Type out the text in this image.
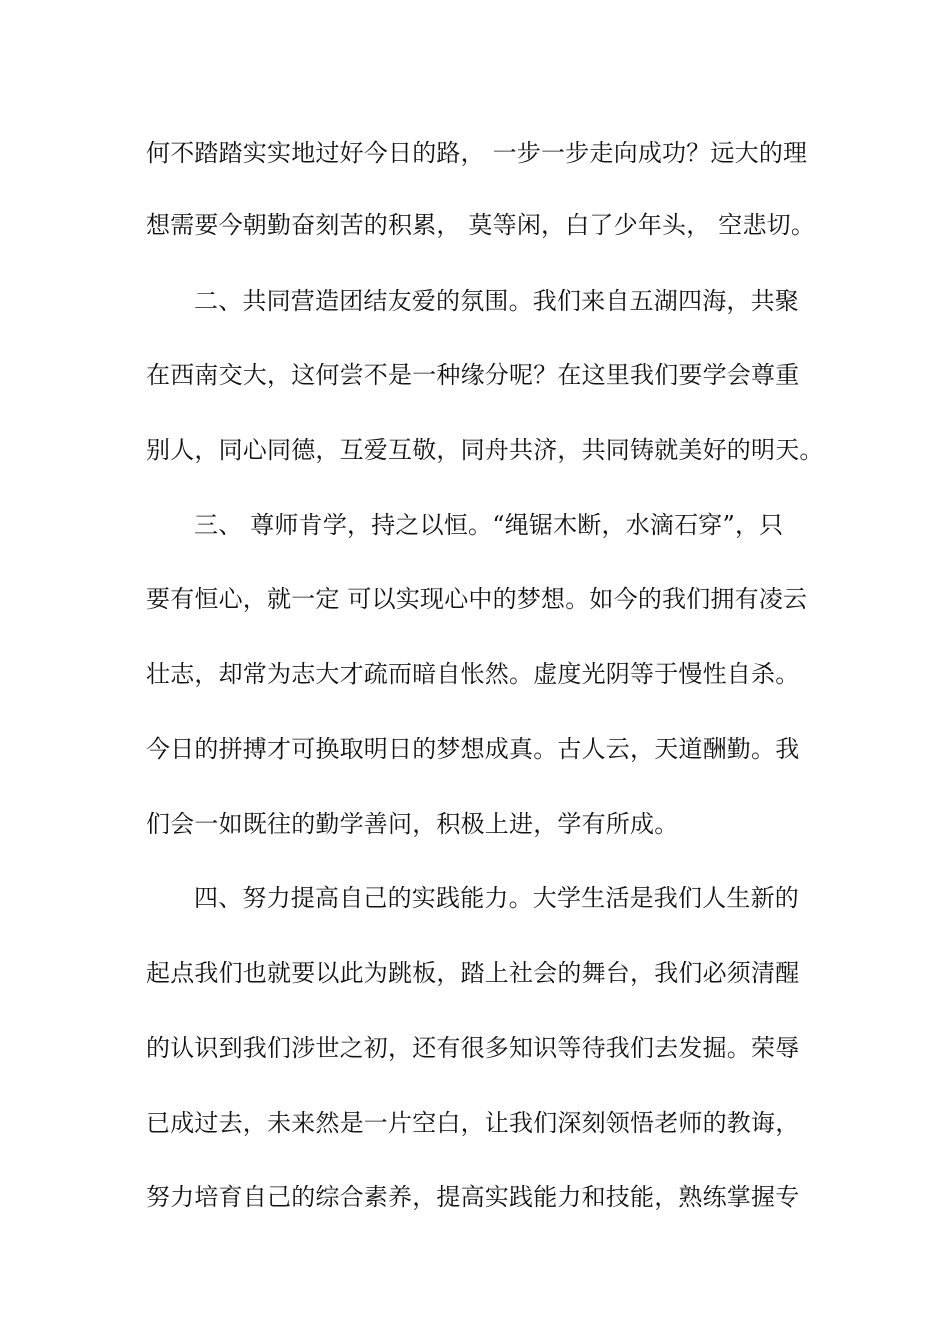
何不踏踏实实地过好今日的路， 一步一步走向成功？远大的理
想需要今朝勤奋刻苦的积累， 莫等闲，白了少年头， 空悲切。
二、共同营造团结友爱的氛围。我们来自五湖四海，共聚
在西南交大，这何尝不是一种缘分呢？在这里我们要学会尊重
别人，同心同德，互爱互敬，同舟共济，共同铸就美好的明天。
三、 尊师肯学，持之以恒。“绳锯木断，水滴石穿”，只
要有恒心，就一定 可以实现心中的梦想。如今的我们拥有凌云
壮志，却常为志大才疏而暗自怅然。虚度光阴等于慢性自杀。
今日的拼搏才可换取明日的梦想成真。古人云，天道酬勤。我
们会一如既往的勤学善问，积极上进，学有所成。
四、努力提高自己的实践能力。大学生活是我们人生新的
起点我们也就要以此为跳板，踏上社会的舞台，我们必须清醒
的认识到我们涉世之初，还有很多知识等待我们去发掘。荣辱
已成过去，未来然是一片空白，让我们深刻领悟老师的教诲，
努力培育自己的综合素养，提高实践能力和技能，熟练掌握专
